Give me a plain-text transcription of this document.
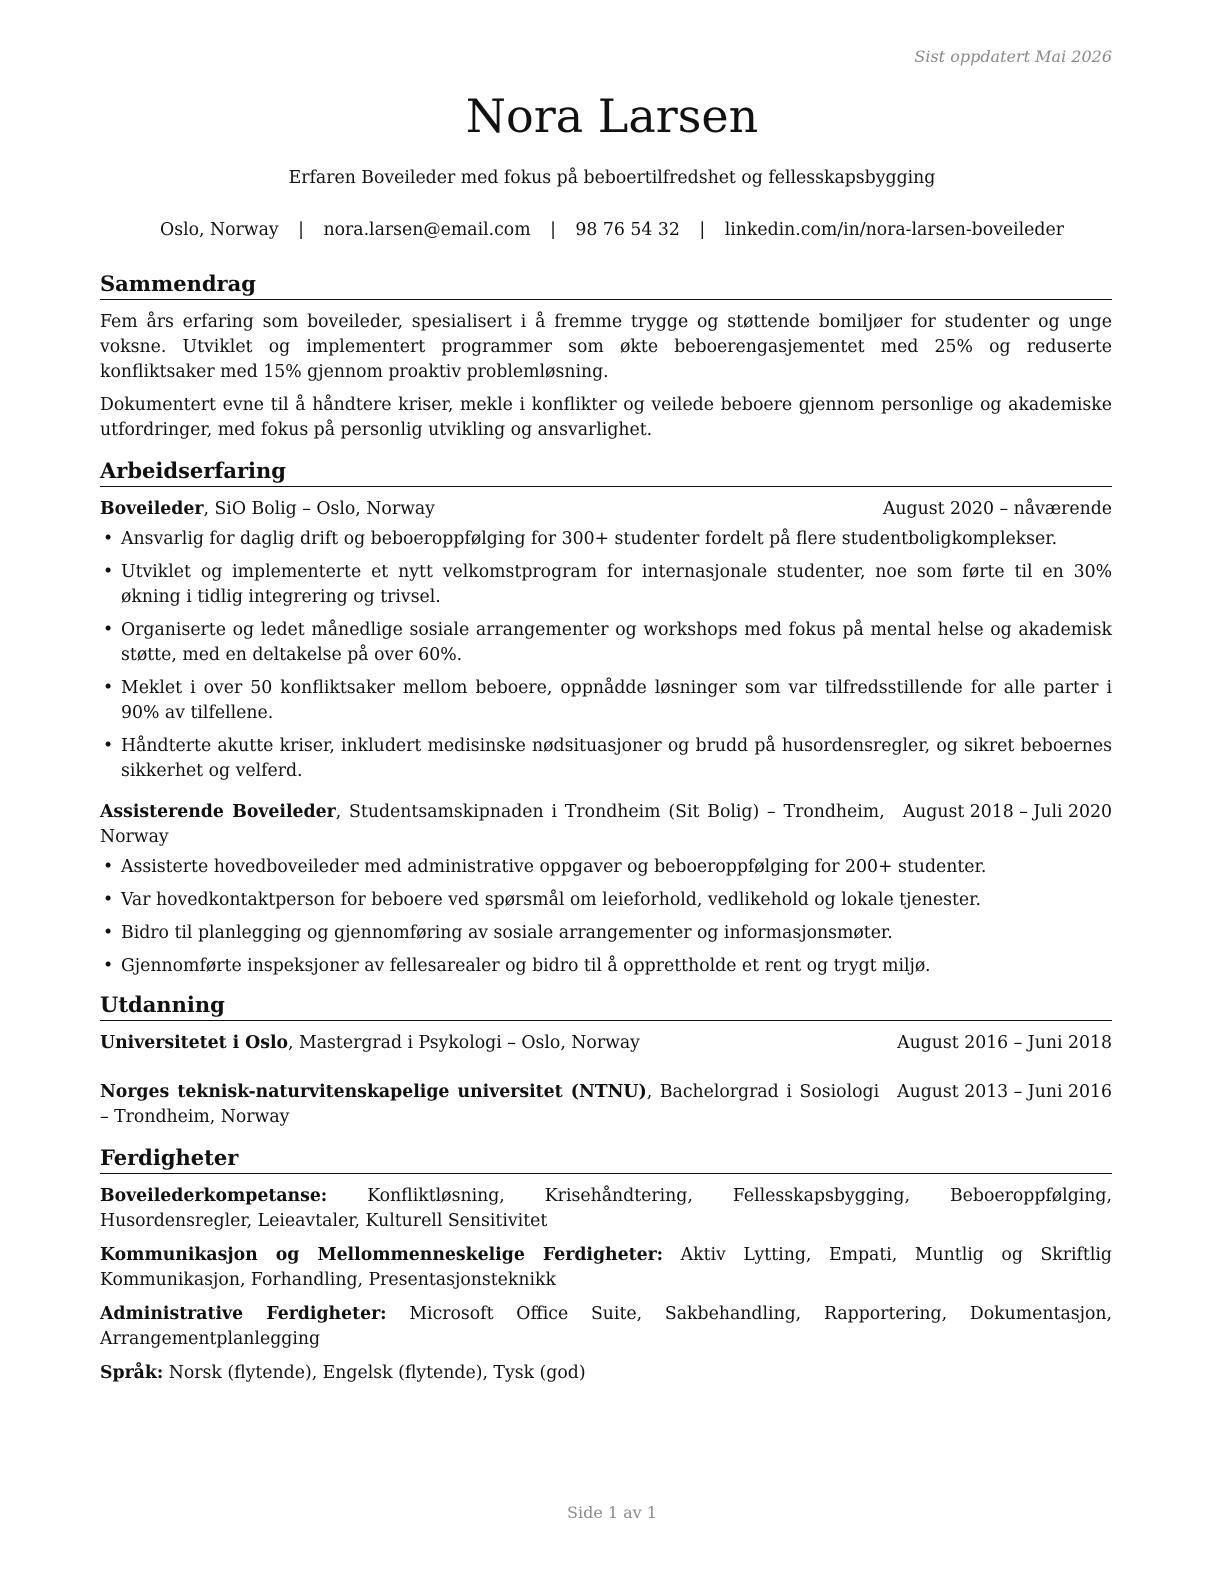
Sist oppdatert Mai 2026
Nora Larsen
Erfaren Boveileder med fokus på beboertilfredshet og fellesskapsbygging
Oslo, Norway | nora.larsen@email.com | 98 76 54 32 | linkedin.com/in/nora-larsen-boveileder
Sammendrag

Fem års erfaring som boveileder, spesialisert i å fremme trygge og støttende bomiljøer for studenter og unge voksne. Utviklet og implementert programmer som økte beboerengasjementet med 25% og reduserte konfliktsaker med 15% gjennom proaktiv problemløsning.

Dokumentert evne til å håndtere kriser, mekle i konflikter og veilede beboere gjennom personlige og akademiske utfordringer, med fokus på personlig utvikling og ansvarlighet.

Arbeidserfaring
Boveileder, SiO Bolig – Oslo, Norway	August 2020 – nåværende
• Ansvarlig for daglig drift og beboeroppfølging for 300+ studenter fordelt på flere studentboligkomplekser.
• Utviklet og implementerte et nytt velkomstprogram for internasjonale studenter, noe som førte til en 30% økning i tidlig integrering og trivsel.
• Organiserte og ledet månedlige sosiale arrangementer og workshops med fokus på mental helse og akademisk støtte, med en deltakelse på over 60%.
• Meklet i over 50 konfliktsaker mellom beboere, oppnådde løsninger som var tilfredsstillende for alle parter i 90% av tilfellene.
• Håndterte akutte kriser, inkludert medisinske nødsituasjoner og brudd på husordensregler, og sikret beboernes sikkerhet og velferd.
Assisterende Boveileder, Studentsamskipnaden i Trondheim (Sit Bolig) – Trondheim, Norway
August 2018 – Juli 2020
• Assisterte hovedboveileder med administrative oppgaver og beboeroppfølging for 200+ studenter.
• Var hovedkontaktperson for beboere ved spørsmål om leieforhold, vedlikehold og lokale tjenester.
• Bidro til planlegging og gjennomføring av sosiale arrangementer og informasjonsmøter.
• Gjennomførte inspeksjoner av fellesarealer og bidro til å opprettholde et rent og trygt miljø.
Utdanning
Universitetet i Oslo, Mastergrad i Psykologi – Oslo, Norway	August 2016 – Juni 2018
Norges teknisk-naturvitenskapelige universitet (NTNU), Bachelorgrad i Sosiologi – Trondheim, Norway
August 2013 – Juni 2016
Ferdigheter
Boveilederkompetanse: Konfliktløsning, Krisehåndtering, Fellesskapsbygging, Beboeroppfølging, Husordensregler, Leieavtaler, Kulturell Sensitivitet
Kommunikasjon og Mellommenneskelige Ferdigheter: Aktiv Lytting, Empati, Muntlig og Skriftlig Kommunikasjon, Forhandling, Presentasjonsteknikk
Administrative Ferdigheter: Microsoft Office Suite, Sakbehandling, Rapportering, Dokumentasjon, Arrangementplanlegging
Språk: Norsk (flytende), Engelsk (flytende), Tysk (god)
Side 1 av 1
